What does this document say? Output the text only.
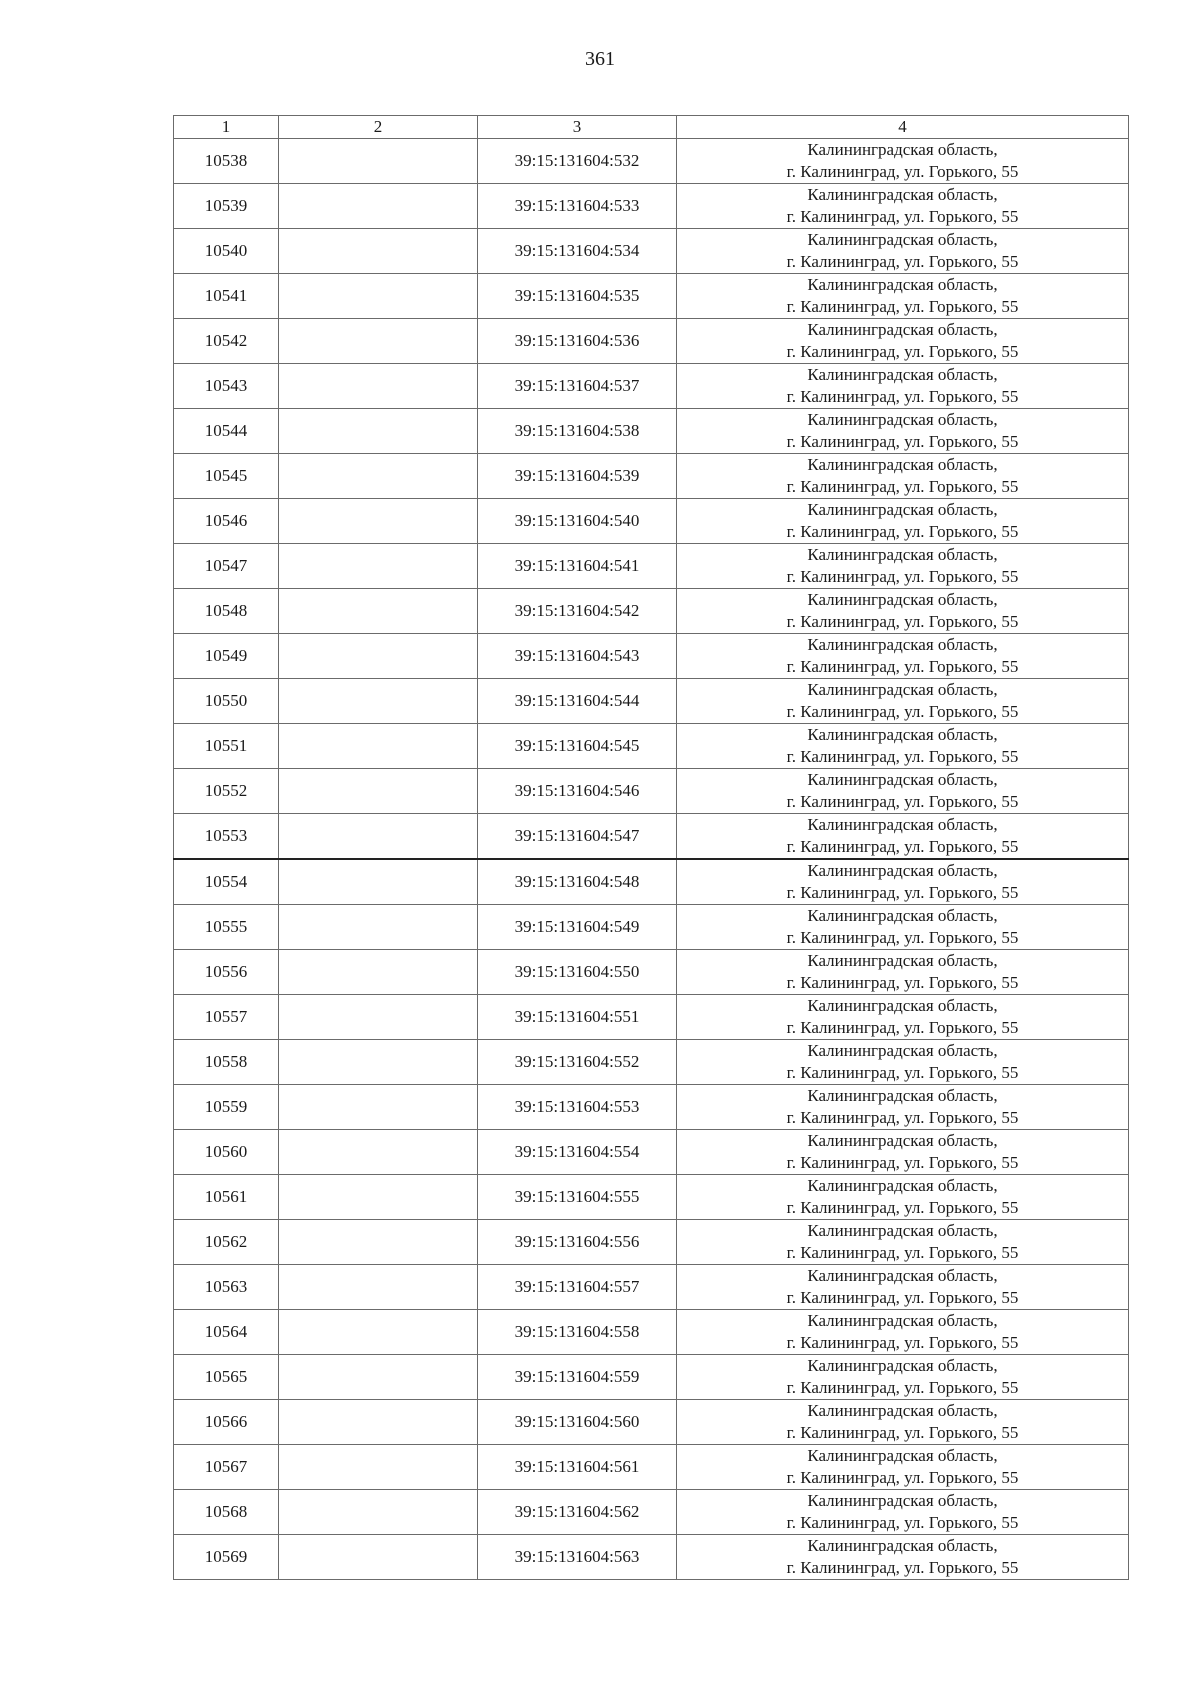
361
1	2	3	4
10538		39:15:131604:532	Калининградская область,
г. Калининград, ул. Горького, 55

10539		39:15:131604:533	Калининградская область,
г. Калининград, ул. Горького, 55

10540		39:15:131604:534	Калининградская область,
г. Калининград, ул. Горького, 55

10541		39:15:131604:535	Калининградская область,
г. Калининград, ул. Горького, 55

10542		39:15:131604:536	Калининградская область,
г. Калининград, ул. Горького, 55

10543		39:15:131604:537	Калининградская область,
г. Калининград, ул. Горького, 55

10544		39:15:131604:538	Калининградская область,
г. Калининград, ул. Горького, 55

10545		39:15:131604:539	Калининградская область,
г. Калининград, ул. Горького, 55

10546		39:15:131604:540	Калининградская область,
г. Калининград, ул. Горького, 55

10547		39:15:131604:541	Калининградская область,
г. Калининград, ул. Горького, 55

10548		39:15:131604:542	Калининградская область,
г. Калининград, ул. Горького, 55

10549		39:15:131604:543	Калининградская область,
г. Калининград, ул. Горького, 55

10550		39:15:131604:544	Калининградская область,
г. Калининград, ул. Горького, 55

10551		39:15:131604:545	Калининградская область,
г. Калининград, ул. Горького, 55

10552		39:15:131604:546	Калининградская область,
г. Калининград, ул. Горького, 55

10553		39:15:131604:547	Калининградская область,
г. Калининград, ул. Горького, 55

10554		39:15:131604:548	Калининградская область,
г. Калининград, ул. Горького, 55

10555		39:15:131604:549	Калининградская область,
г. Калининград, ул. Горького, 55

10556		39:15:131604:550	Калининградская область,
г. Калининград, ул. Горького, 55

10557		39:15:131604:551	Калининградская область,
г. Калининград, ул. Горького, 55

10558		39:15:131604:552	Калининградская область,
г. Калининград, ул. Горького, 55

10559		39:15:131604:553	Калининградская область,
г. Калининград, ул. Горького, 55

10560		39:15:131604:554	Калининградская область,
г. Калининград, ул. Горького, 55

10561		39:15:131604:555	Калининградская область,
г. Калининград, ул. Горького, 55

10562		39:15:131604:556	Калининградская область,
г. Калининград, ул. Горького, 55

10563		39:15:131604:557	Калининградская область,
г. Калининград, ул. Горького, 55

10564		39:15:131604:558	Калининградская область,
г. Калининград, ул. Горького, 55

10565		39:15:131604:559	Калининградская область,
г. Калининград, ул. Горького, 55

10566		39:15:131604:560	Калининградская область,
г. Калининград, ул. Горького, 55

10567		39:15:131604:561	Калининградская область,
г. Калининград, ул. Горького, 55

10568		39:15:131604:562	Калининградская область,
г. Калининград, ул. Горького, 55

10569		39:15:131604:563	Калининградская область,
г. Калининград, ул. Горького, 55
